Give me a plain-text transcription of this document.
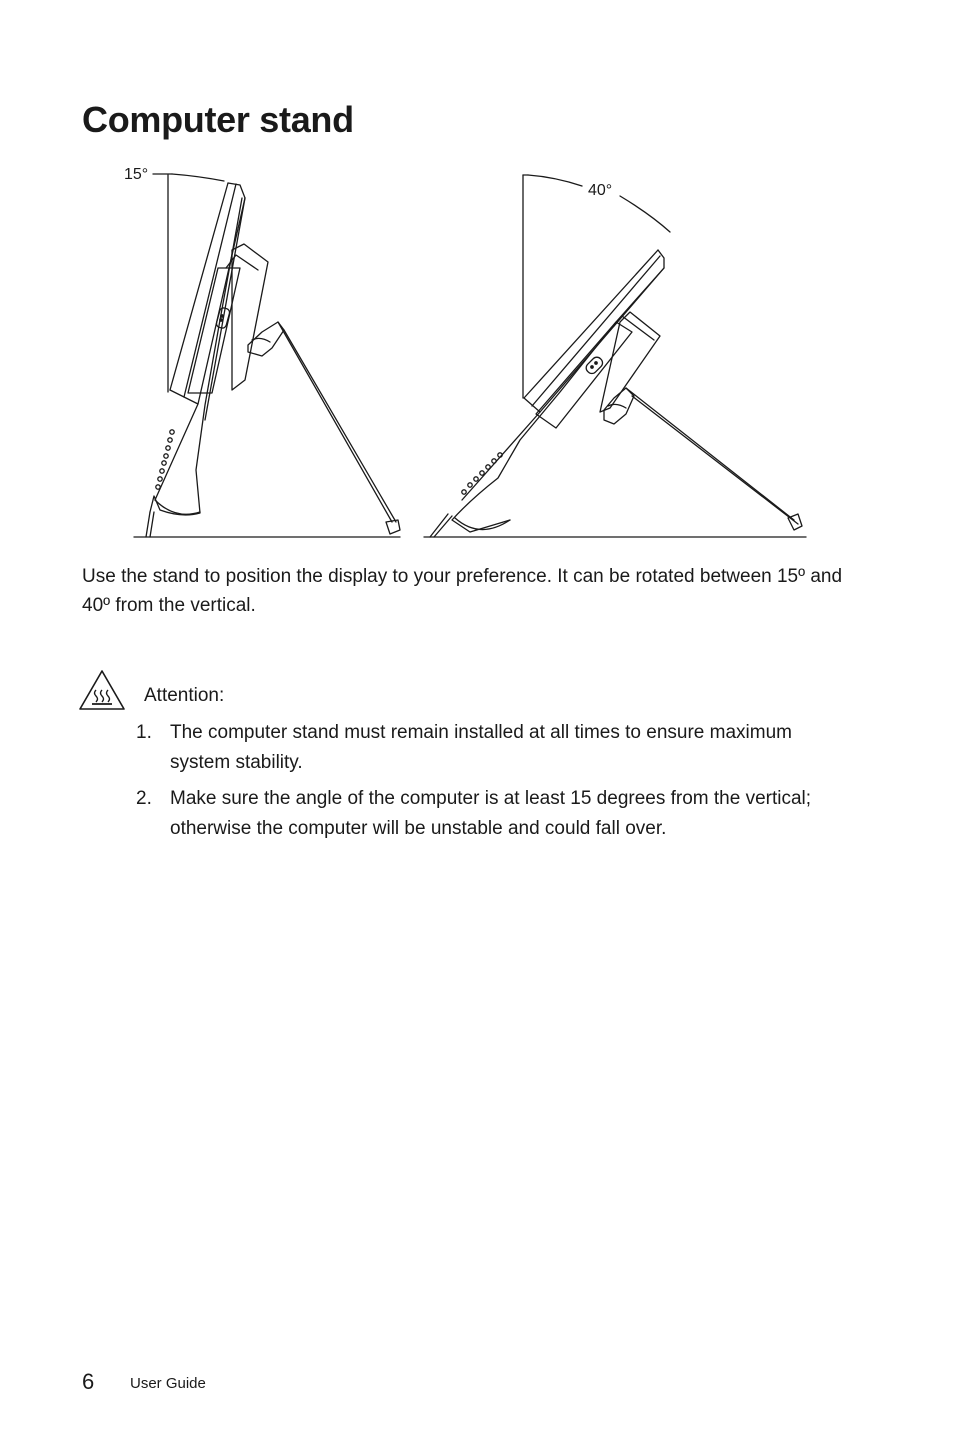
Computer stand
15°
40°

Use the stand to position the display to your preference. It can be rotated between 15º and 40º from the vertical.

Attention:
1. The computer stand must remain installed at all times to ensure maximum system stability.
2. Make sure the angle of the computer is at least 15 degrees from the vertical; otherwise the computer will be unstable and could fall over.
6 User Guide
